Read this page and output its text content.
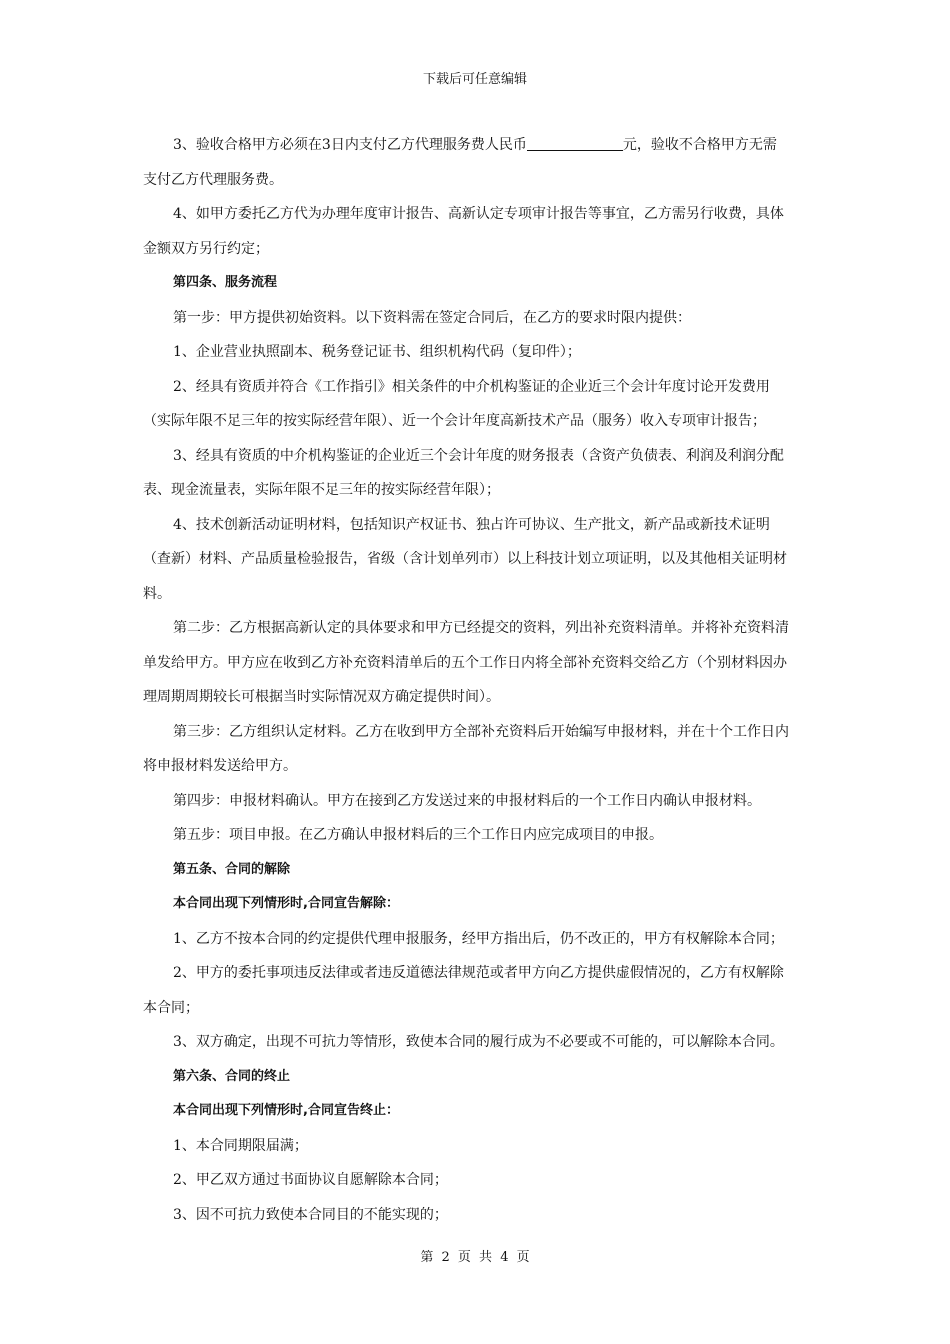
下载后可任意编辑

3、验收合格甲方必须在3日内支付乙方代理服务费人民币	元，验收不合格甲方无需

支付乙方代理服务费。

4、如甲方委托乙方代为办理年度审计报告、高新认定专项审计报告等事宜，乙方需另行收费，具体

金额双方另行约定；

第四条、服务流程

第一步：甲方提供初始资料。以下资料需在签定合同后，在乙方的要求时限内提供：

1、企业营业执照副本、税务登记证书、组织机构代码（复印件）；

2、经具有资质并符合《工作指引》相关条件的中介机构鉴证的企业近三个会计年度讨论开发费用

（实际年限不足三年的按实际经营年限）、近一个会计年度高新技术产品（服务）收入专项审计报告；

3、经具有资质的中介机构鉴证的企业近三个会计年度的财务报表（含资产负债表、利润及利润分配

表、现金流量表，实际年限不足三年的按实际经营年限）；

4、技术创新活动证明材料，包括知识产权证书、独占许可协议、生产批文，新产品或新技术证明

（查新）材料、产品质量检验报告，省级（含计划单列市）以上科技计划立项证明，以及其他相关证明材

料。

第二步：乙方根据高新认定的具体要求和甲方已经提交的资料，列出补充资料清单。并将补充资料清

单发给甲方。甲方应在收到乙方补充资料清单后的五个工作日内将全部补充资料交给乙方（个别材料因办

理周期周期较长可根据当时实际情况双方确定提供时间）。

第三步：乙方组织认定材料。乙方在收到甲方全部补充资料后开始编写申报材料，并在十个工作日内

将申报材料发送给甲方。

第四步：申报材料确认。甲方在接到乙方发送过来的申报材料后的一个工作日内确认申报材料。

第五步：项目申报。在乙方确认申报材料后的三个工作日内应完成项目的申报。

第五条、合同的解除

本合同出现下列情形时,合同宣告解除：

1、乙方不按本合同的约定提供代理申报服务，经甲方指出后，仍不改正的，甲方有权解除本合同；

2、甲方的委托事项违反法律或者违反道德法律规范或者甲方向乙方提供虚假情况的，乙方有权解除

本合同；

3、双方确定，出现不可抗力等情形，致使本合同的履行成为不必要或不可能的，可以解除本合同。

第六条、合同的终止

本合同出现下列情形时,合同宣告终止：

1、本合同期限届满；

2、甲乙双方通过书面协议自愿解除本合同；

3、因不可抗力致使本合同目的不能实现的；

第 2 页 共 4 页
